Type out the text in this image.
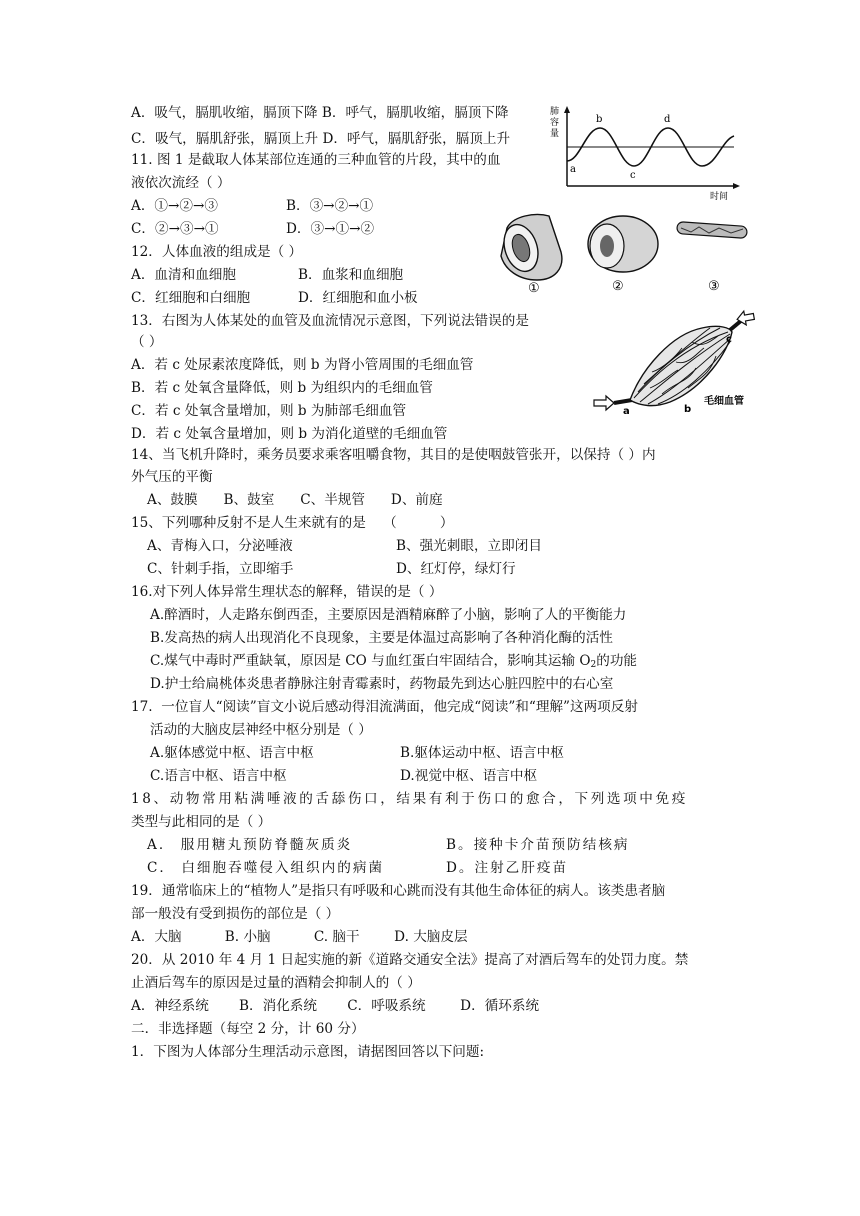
A．吸气，膈肌收缩，膈顶下降 B．呼气，膈肌收缩，膈顶下降
C．吸气，膈肌舒张，膈顶上升 D．呼气，膈肌舒张，膈顶上升
肺
容
量
a
b
c
d
时间
11. 图 1 是截取人体某部位连通的三种血管的片段，其中的血
液依次流经（ ）
A．①→②→③	B．③→②→①
C．②→③→①	D．③→①→②
①	②	③
12．人体血液的组成是（ ）
A．血清和血细胞	B．血浆和血细胞
C．红细胞和白细胞	D．红细胞和血小板
13．右图为人体某处的血管及血流情况示意图，下列说法错误的是
（ ）
A．若 c 处尿素浓度降低，则 b 为肾小管周围的毛细血管
B．若 c 处氧含量降低，则 b 为组织内的毛细血管
C．若 c 处氧含量增加，则 b 为肺部毛细血管
D．若 c 处氧含量增加，则 b 为消化道壁的毛细血管
a	b
c
毛细血管
14、当飞机升降时，乘务员要求乘客咀嚼食物，其目的是使咽鼓管张开，以保持（ ）内
外气压的平衡
A、鼓膜      B、鼓室      C、半规管      D、前庭
15、下列哪种反射不是人生来就有的是    （          ）
A、青梅入口，分泌唾液	B、强光刺眼，立即闭目
C、针刺手指，立即缩手	D、红灯停，绿灯行
16.对下列人体异常生理状态的解释，错误的是（ ）
A.醉酒时，人走路东倒西歪，主要原因是酒精麻醉了小脑，影响了人的平衡能力
B.发高热的病人出现消化不良现象，主要是体温过高影响了各种消化酶的活性
C.煤气中毒时严重缺氧，原因是 CO 与血红蛋白牢固结合，影响其运输 $O_2$的功能
D.护士给扁桃体炎患者静脉注射青霉素时，药物最先到达心脏四腔中的右心室
17.  一位盲人“阅读”盲文小说后感动得泪流满面，他完成“阅读”和“理解”这两项反射
活动的大脑皮层神经中枢分别是（ ）
A.躯体感觉中枢、语言中枢	B.躯体运动中枢、语言中枢
C.语言中枢、语言中枢	D.视觉中枢、语言中枢
18、动物常用粘满唾液的舌舔伤口，结果有利于伤口的愈合，下列选项中免疫
类型与此相同的是（ ）
A． 服用糖丸预防脊髓灰质炎	B。接种卡介苗预防结核病
C． 白细胞吞噬侵入组织内的病菌	D。注射乙肝疫苗
19．通常临床上的“植物人”是指只有呼吸和心跳而没有其他生命体征的病人。该类患者脑
部一般没有受到损伤的部位是（ ）
A．大脑          B. 小脑          C. 脑干        D. 大脑皮层
20．从 2010 年 4 月 1 日起实施的新《道路交通安全法》提高了对酒后驾车的处罚力度。禁
止酒后驾车的原因是过量的酒精会抑制人的（ ）
A．神经系统       B．消化系统       C．呼吸系统        D．循环系统
二．非选择题（每空 2 分，计 60 分）
1．下图为人体部分生理活动示意图，请据图回答以下问题:
